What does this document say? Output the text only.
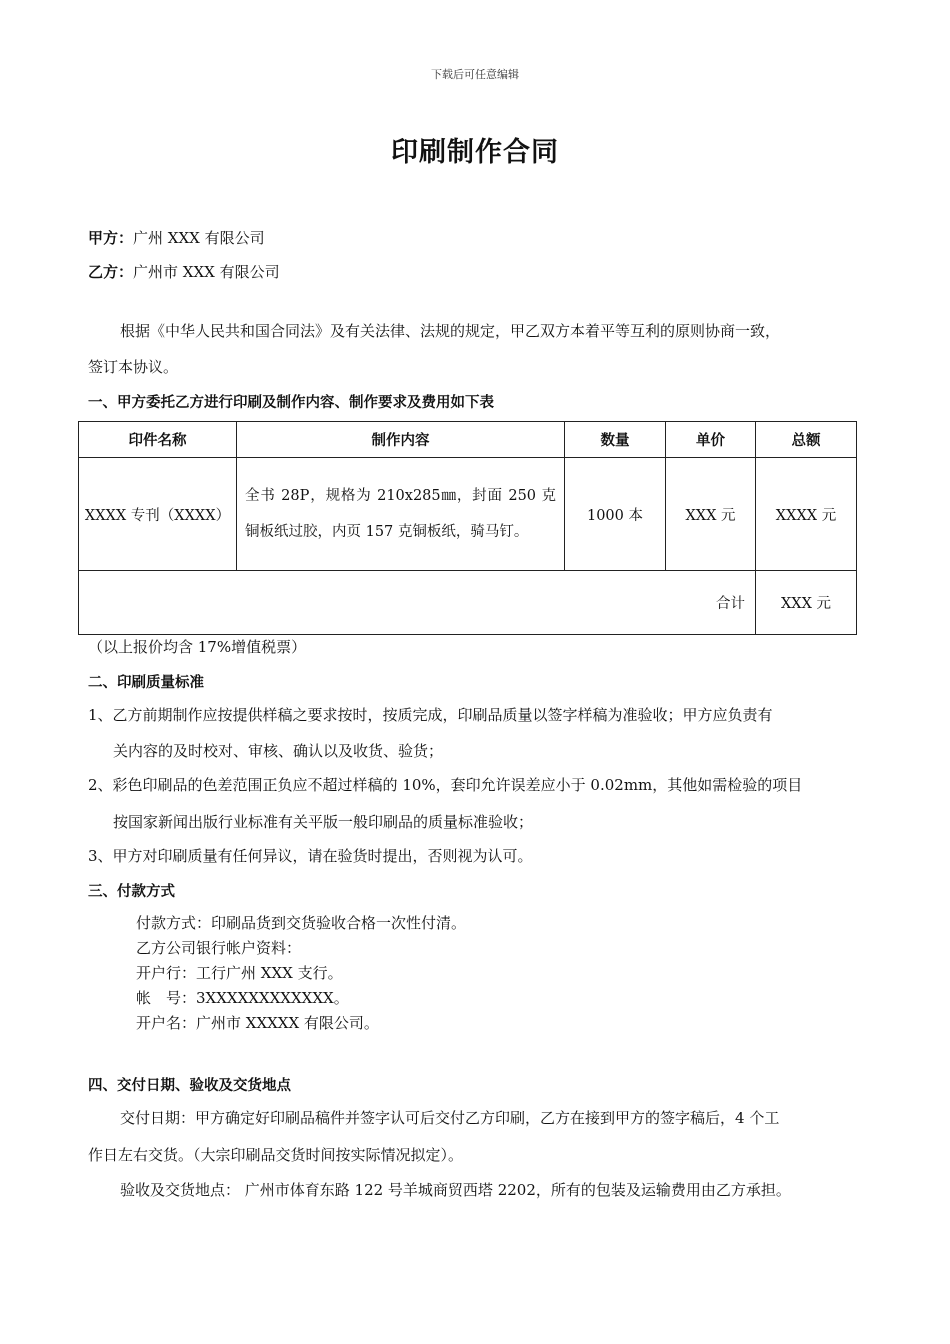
下载后可任意编辑
印刷制作合同
甲方：广州 XXX 有限公司
乙方：广州市 XXX 有限公司
根据《中华人民共和国合同法》及有关法律、法规的规定，甲乙双方本着平等互利的原则协商一致，
签订本协议。
一、甲方委托乙方进行印刷及制作内容、制作要求及费用如下表
印件名称	制作内容	数量	单价	总额
XXXX 专刊（XXXX）	全书 28P，规格为 210x285㎜，封面 250 克铜板纸过胶，内页 157 克铜板纸，骑马钉。	1000 本	XXX 元	XXXX 元
合计				XXX 元
（以上报价均含 17%增值税票）
二、印刷质量标准
1、乙方前期制作应按提供样稿之要求按时，按质完成，印刷品质量以签字样稿为准验收；甲方应负责有
关内容的及时校对、审核、确认以及收货、验货；
2、彩色印刷品的色差范围正负应不超过样稿的 10%，套印允许误差应小于 0.02mm，其他如需检验的项目
按国家新闻出版行业标准有关平版一般印刷品的质量标准验收；
3、甲方对印刷质量有任何异议，请在验货时提出，否则视为认可。
三、付款方式
付款方式：印刷品货到交货验收合格一次性付清。
乙方公司银行帐户资料：
开户行：工行广州 XXX 支行。
帐　号：3XXXXXXXXXXXX。
开户名：广州市 XXXXX 有限公司。
四、交付日期、验收及交货地点
交付日期：甲方确定好印刷品稿件并签字认可后交付乙方印刷，乙方在接到甲方的签字稿后，4 个工
作日左右交货。（大宗印刷品交货时间按实际情况拟定）。
验收及交货地点： 广州市体育东路 122 号羊城商贸西塔 2202，所有的包装及运输费用由乙方承担。
